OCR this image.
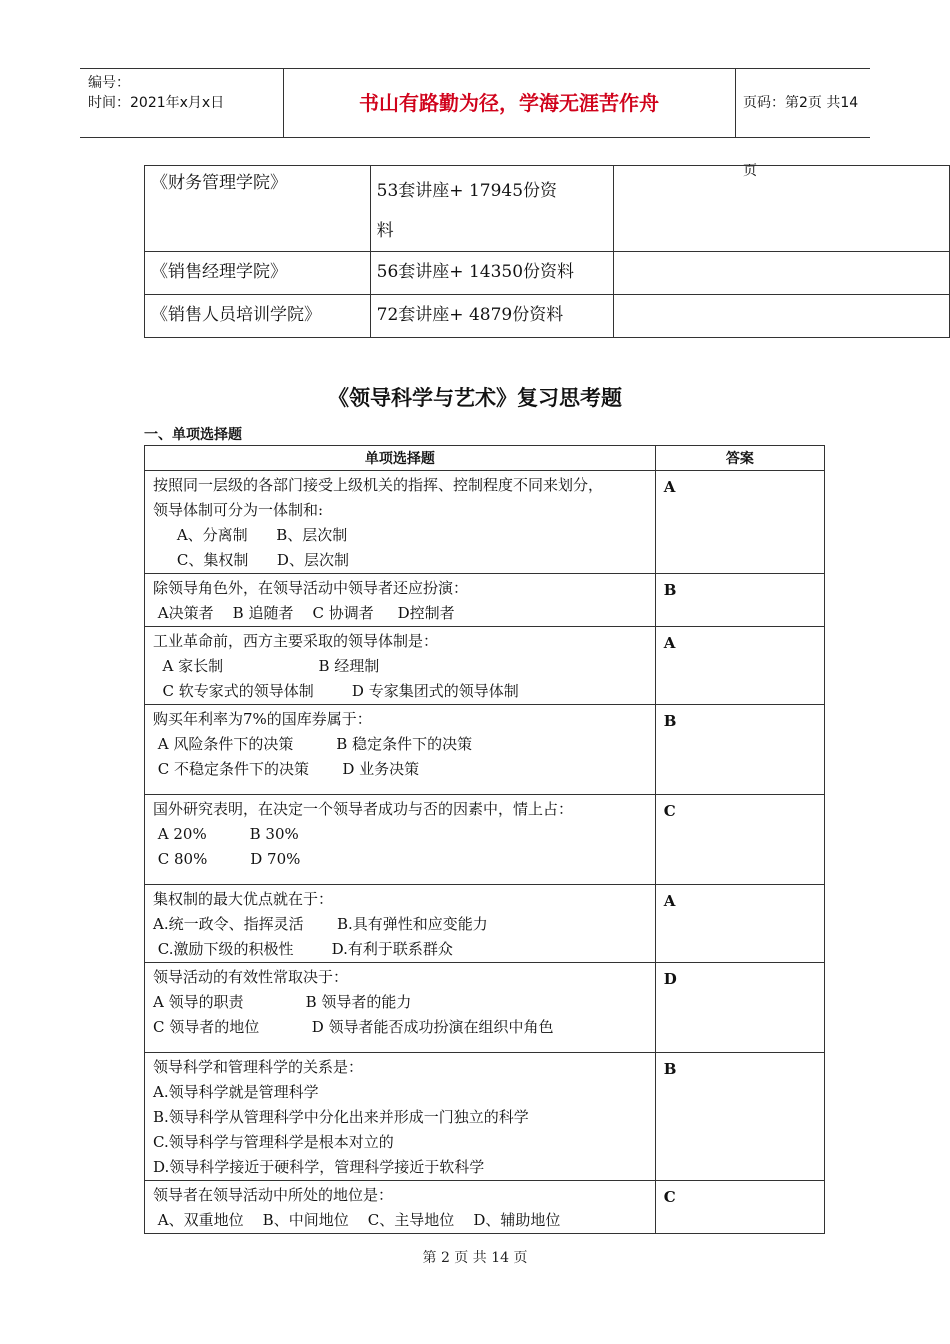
编号：
时间：2021年x月x日	书山有路勤为径，学海无涯苦作舟	页码：第2页 共14页
《财务管理学院》	53套讲座+ 17945份资
料	

《销售经理学院》	56套讲座+ 14350份资料	
《销售人员培训学院》	72套讲座+ 4879份资料	
《领导科学与艺术》复习思考题
一、单项选择题
单项选择题	答案

按照同一层级的各部门接受上级机关的指挥、控制程度不同来划分，
领导体制可分为一体制和:
A、分离制      B、层次制
C、集权制      D、层次制	A

除领导角色外，在领导活动中领导者还应扮演：
A决策者    B 追随者    C 协调者     D控制者	B

工业革命前，西方主要采取的领导体制是：
A 家长制                    B 经理制
C 软专家式的领导体制        D 专家集团式的领导体制	A

购买年利率为7%的国库券属于：
A 风险条件下的决策         B 稳定条件下的决策
C 不稳定条件下的决策       D 业务决策	B

国外研究表明，在决定一个领导者成功与否的因素中，情上占：
A 20%         B 30%
C 80%         D 70%	C

集权制的最大优点就在于：
A.统一政令、指挥灵活       B.具有弹性和应变能力
C.激励下级的积极性        D.有利于联系群众	A

领导活动的有效性常取决于：
A 领导的职责             B 领导者的能力
C 领导者的地位           D 领导者能否成功扮演在组织中角色	D

领导科学和管理科学的关系是：
A.领导科学就是管理科学
B.领导科学从管理科学中分化出来并形成一门独立的科学
C.领导科学与管理科学是根本对立的
D.领导科学接近于硬科学，管理科学接近于软科学	B

领导者在领导活动中所处的地位是：
A、双重地位    B、中间地位    C、主导地位    D、辅助地位	C
第 2 页 共 14 页
